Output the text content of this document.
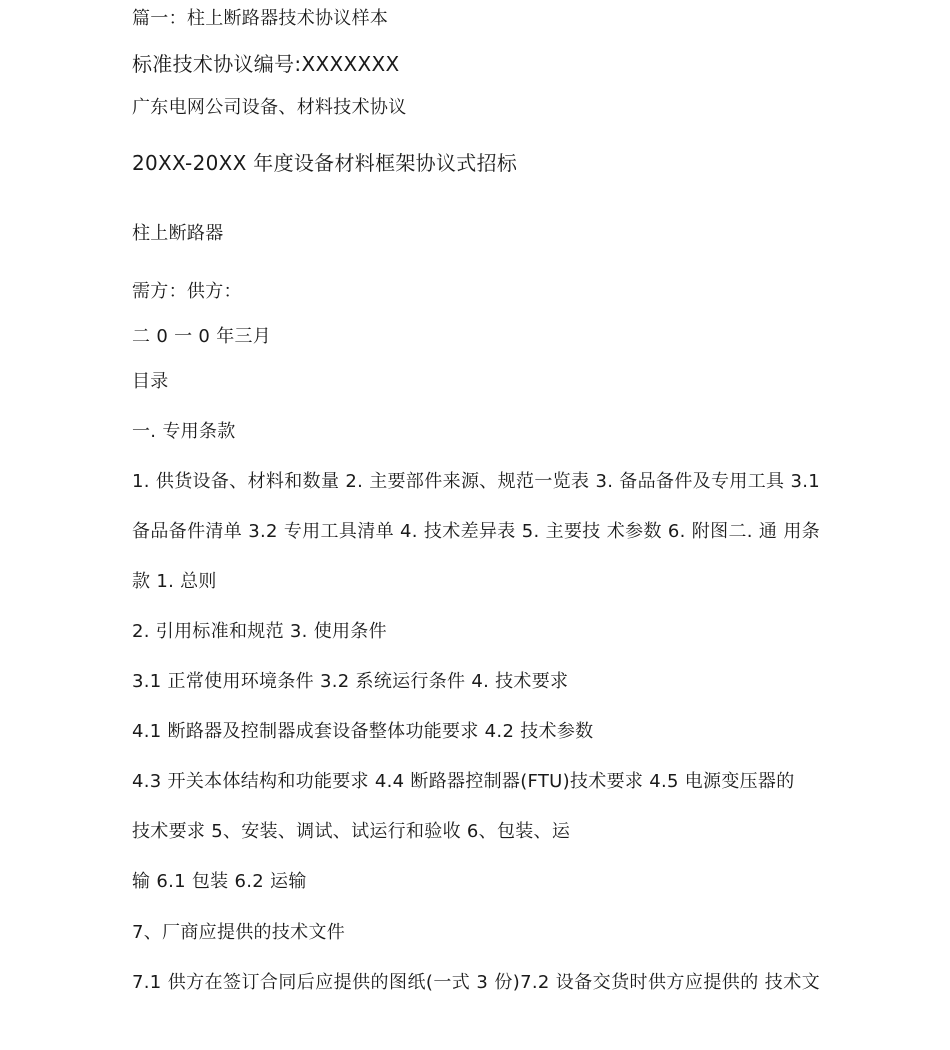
篇一：柱上断路器技术协议样本

标准技术协议编号:XXXXXXX

广东电网公司设备、材料技术协议

20XX-20XX 年度设备材料框架协议式招标

柱上断路器

需方：供方：

二 0 一 0 年三月

目录

一. 专用条款

1. 供货设备、材料和数量 2. 主要部件来源、规范一览表 3. 备品备件及专用工具 3.1

备品备件清单 3.2 专用工具清单 4. 技术差异表 5. 主要技 术参数 6. 附图二. 通 用条

款 1. 总则

2. 引用标准和规范 3. 使用条件

3.1 正常使用环境条件 3.2 系统运行条件 4. 技术要求

4.1 断路器及控制器成套设备整体功能要求 4.2 技术参数

4.3 开关本体结构和功能要求 4.4 断路器控制器(FTU)技术要求 4.5 电源变压器的

技术要求 5、安装、调试、试运行和验收 6、包装、运

输 6.1 包装 6.2 运输

7、厂商应提供的技术文件

7.1 供方在签订合同后应提供的图纸(一式 3 份)7.2 设备交货时供方应提供的 技术文
